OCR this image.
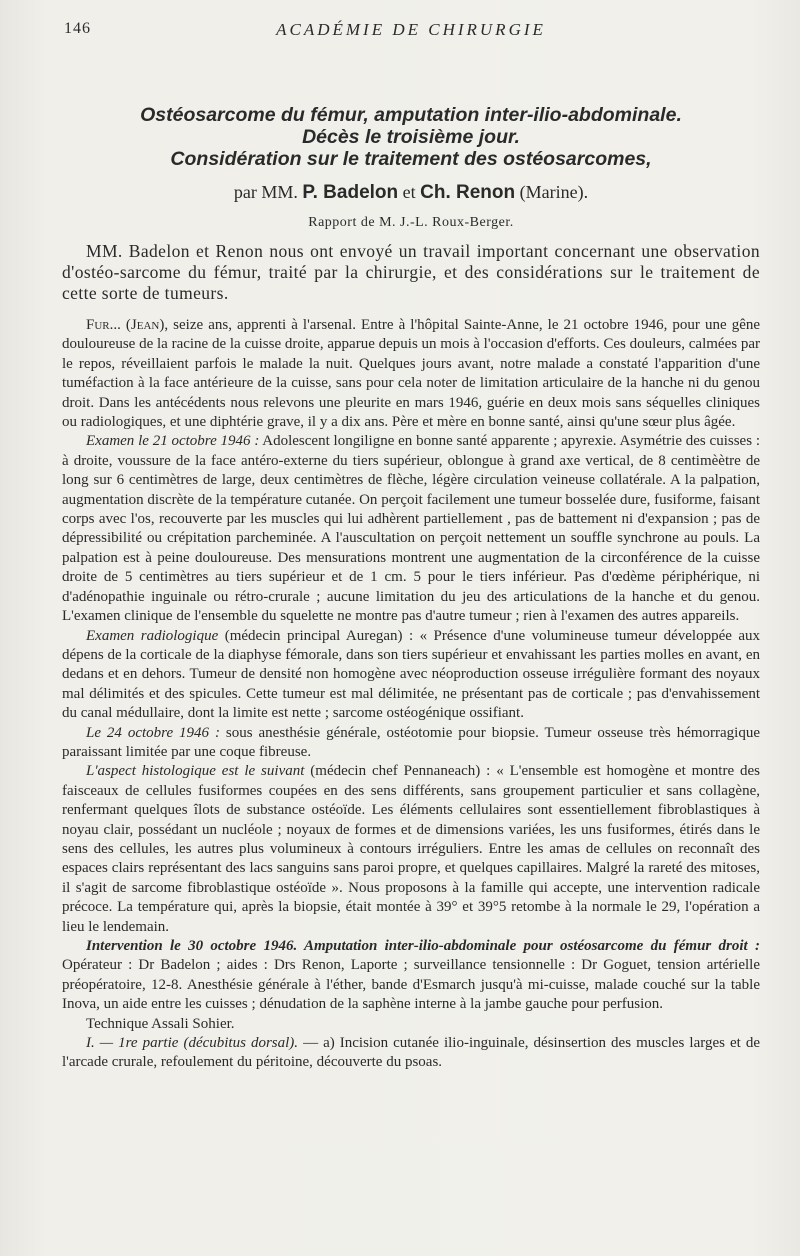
146	ACADÉMIE DE CHIRURGIE

Ostéosarcome du fémur, amputation inter-ilio-abdominale.

Décès le troisième jour.

Considération sur le traitement des ostéosarcomes,

par MM. P. Badelon et Ch. Renon (Marine).
Rapport de M. J.-L. Roux-Berger.

MM. Badelon et Renon nous ont envoyé un travail important concernant une observation d'ostéo-sarcome du fémur, traité par la chirurgie, et des considérations sur le traitement de cette sorte de tumeurs.

Fur... (Jean), seize ans, apprenti à l'arsenal. Entre à l'hôpital Sainte-Anne, le 21 octobre 1946, pour une gêne douloureuse de la racine de la cuisse droite, apparue depuis un mois à l'occasion d'efforts. Ces douleurs, calmées par le repos, réveillaient parfois le malade la nuit. Quelques jours avant, notre malade a constaté l'apparition d'une tuméfaction à la face antérieure de la cuisse, sans pour cela noter de limitation articulaire de la hanche ni du genou droit. Dans les antécédents nous relevons une pleurite en mars 1946, guérie en deux mois sans séquelles cliniques ou radiologiques, et une diphtérie grave, il y a dix ans. Père et mère en bonne santé, ainsi qu'une sœur plus âgée.

Examen le 21 octobre 1946 : Adolescent longiligne en bonne santé apparente ; apyrexie. Asymétrie des cuisses : à droite, voussure de la face antéro-externe du tiers supérieur, oblongue à grand axe vertical, de 8 centimèètre de long sur 6 centimètres de large, deux centimètres de flèche, légère circulation veineuse collatérale. A la palpation, augmentation discrète de la température cutanée. On perçoit facilement une tumeur bosselée dure, fusiforme, faisant corps avec l'os, recouverte par les muscles qui lui adhèrent partiellement , pas de battement ni d'expansion ; pas de dépressibilité ou crépitation parcheminée. A l'auscultation on perçoit nettement un souffle synchrone au pouls. La palpation est à peine douloureuse. Des mensurations montrent une augmentation de la circonférence de la cuisse droite de 5 centimètres au tiers supérieur et de 1 cm. 5 pour le tiers inférieur. Pas d'œdème périphérique, ni d'adénopathie inguinale ou rétro-crurale ; aucune limitation du jeu des articulations de la hanche et du genou. L'examen clinique de l'ensemble du squelette ne montre pas d'autre tumeur ; rien à l'examen des autres appareils.

Examen radiologique (médecin principal Auregan) : « Présence d'une volumineuse tumeur développée aux dépens de la corticale de la diaphyse fémorale, dans son tiers supérieur et envahissant les parties molles en avant, en dedans et en dehors. Tumeur de densité non homogène avec néoproduction osseuse irrégulière formant des noyaux mal délimités et des spicules. Cette tumeur est mal délimitée, ne présentant pas de corticale ; pas d'envahissement du canal médullaire, dont la limite est nette ; sarcome ostéogénique ossifiant.

Le 24 octobre 1946 : sous anesthésie générale, ostéotomie pour biopsie. Tumeur osseuse très hémorragique paraissant limitée par une coque fibreuse.

L'aspect histologique est le suivant (médecin chef Pennaneach) : « L'ensemble est homogène et montre des faisceaux de cellules fusiformes coupées en des sens différents, sans groupement particulier et sans collagène, renfermant quelques îlots de substance ostéoïde. Les éléments cellulaires sont essentiellement fibroblastiques à noyau clair, possédant un nucléole ; noyaux de formes et de dimensions variées, les uns fusiformes, étirés dans le sens des cellules, les autres plus volumineux à contours irréguliers. Entre les amas de cellules on reconnaît des espaces clairs représentant des lacs sanguins sans paroi propre, et quelques capillaires. Malgré la rareté des mitoses, il s'agit de sarcome fibroblastique ostéoïde ». Nous proposons à la famille qui accepte, une intervention radicale précoce. La température qui, après la biopsie, était montée à 39° et 39°5 retombe à la normale le 29, l'opération a lieu le lendemain.

Intervention le 30 octobre 1946. Amputation inter-ilio-abdominale pour ostéosarcome du fémur droit : Opérateur : Dr Badelon ; aides : Drs Renon, Laporte ; surveillance tensionnelle : Dr Goguet, tension artérielle préopératoire, 12-8. Anesthésie générale à l'éther, bande d'Esmarch jusqu'à mi-cuisse, malade couché sur la table Inova, un aide entre les cuisses ; dénudation de la saphène interne à la jambe gauche pour perfusion.

Technique Assali Sohier.

I. — 1re partie (décubitus dorsal). — a) Incision cutanée ilio-inguinale, désinsertion des muscles larges et de l'arcade crurale, refoulement du péritoine, découverte du psoas.
